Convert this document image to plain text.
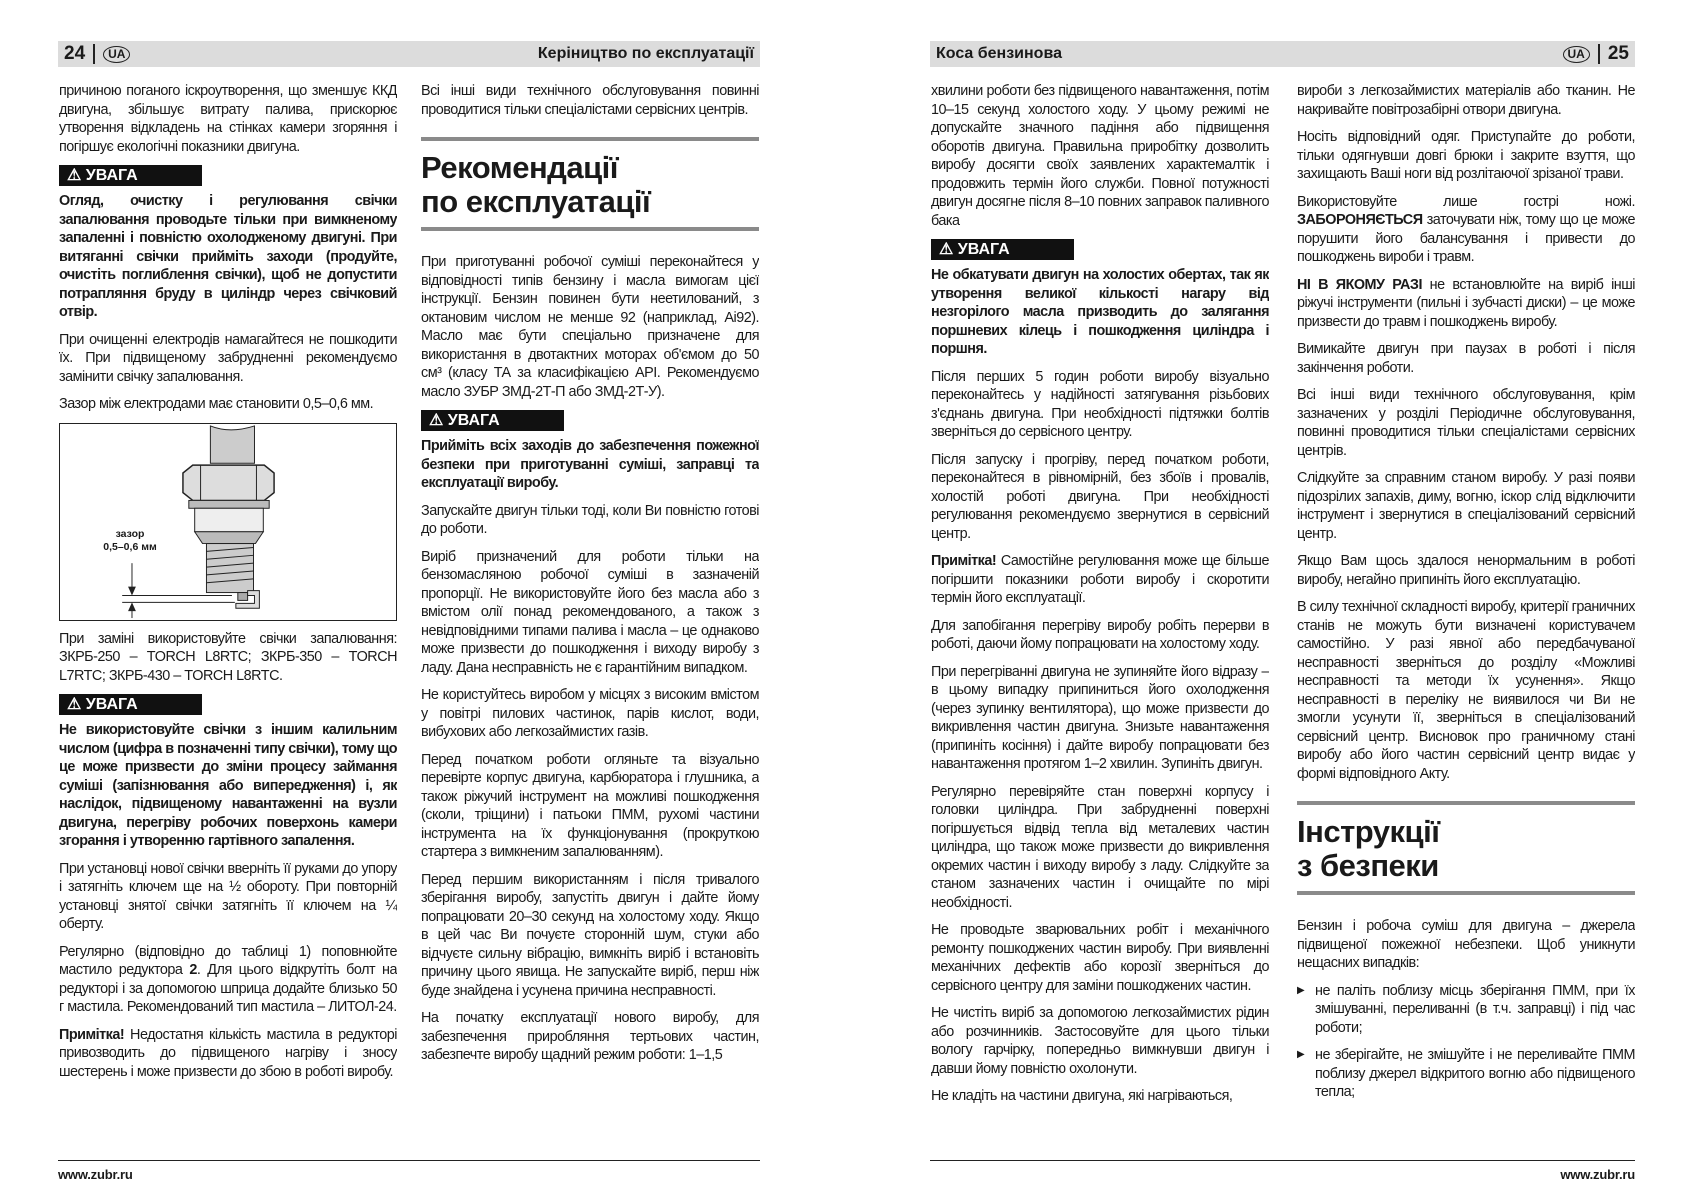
24	UA	Керіництво по експлуатації	Коса бензинова	UA 25

причиною поганого іскроутворення, що зменшує ККД двигуна, збільшує витрату палива, прискорює утворення відкладень на стінках камери згоряння і погіршує екологічні показники двигуна.

⚠ УВАГА

Огляд, очистку і регулювання свічки запалювання проводьте тільки при вимкненому запаленні і повністю охолодженому двигуні. При витяганні свічки прийміть заходи (продуйте, очистіть поглиблення свічки), щоб не допустити потрапляння бруду в циліндр через свічковий отвір.

При очищенні електродів намагайтеся не пошкодити їх. При підвищеному забрудненні рекомендуємо замінити свічку запалювання.

Зазор між електродами має становити 0,5–0,6 мм.

зазор
0,5–0,6 мм

При заміні використовуйте свічки запалювання: ЗКРБ-250 – TORCH L8RTC; ЗКРБ-350 – TORCH L7RTC; ЗКРБ-430 – TORCH L8RTC.

⚠ УВАГА

Не використовуйте свічки з іншим калильним числом (цифра в позначенні типу свічки), тому що це може призвести до зміни процесу займання суміші (запізнювання або випередження) і, як наслідок, підвищеному навантаженні на вузли двигуна, перегріву робочих поверхонь камери згорання і утворенню гартівного запалення.

При установці нової свічки вверніть її руками до упору і затягніть ключем ще на ½ обороту. При повторній установці знятої свічки затягніть її ключем на ¼ оберту.

Регулярно (відповідно до таблиці 1) поповнюйте мастило редуктора 2. Для цього відкрутіть болт на редукторі і за допомогою шприца додайте близько 50 г мастила. Рекомендований тип мастила – ЛИТОЛ-24.

Примітка! Недостатня кількість мастила в редукторі привозводить до підвищеного нагріву і зносу шестерень і може призвести до збою в роботі виробу.

Всі інші види технічного обслуговування повинні проводитися тільки спеціалістами сервісних центрів.

Рекомендації
по експлуатації

При приготуванні робочої суміші переконайтеся у відповідності типів бензину і масла вимогам цієї інструкції. Бензин повинен бути неетилований, з октановим числом не менше 92 (наприклад, Аі92). Масло має бути спеціально призначене для використання в двотактних моторах об'ємом до 50 см³ (класу ТА за класифікацією API. Рекомендуємо масло ЗУБР ЗМД-2Т-П або ЗМД-2Т-У).

⚠ УВАГА

Прийміть всіх заходів до забезпечення пожежної безпеки при приготуванні суміші, заправці та експлуатації виробу.

Запускайте двигун тільки тоді, коли Ви повністю готові до роботи.

Виріб призначений для роботи тільки на бензомасляною робочої суміші в зазначеній пропорції. Не використовуйте його без масла або з вмістом олії понад рекомендованого, а також з невідповідними типами палива і масла – це однаково може призвести до пошкодження і виходу виробу з ладу. Дана несправність не є гарантійним випадком.

Не користуйтесь виробом у місцях з високим вмістом у повітрі пилових частинок, парів кислот, води, вибухових або легкозаймистих газів.

Перед початком роботи огляньте та візуально перевірте корпус двигуна, карбюратора і глушника, а також ріжучий інструмент на можливі пошкодження (сколи, тріщини) і патьоки ПММ, рухомі частини інструмента на їх функціонування (прокруткою стартера з вимкненим запалюванням).

Перед першим використанням і після тривалого зберігання виробу, запустіть двигун і дайте йому попрацювати 20–30 секунд на холостому ходу. Якщо в цей час Ви почуєте сторонній шум, стуки або відчуєте сильну вібрацію, вимкніть виріб і встановіть причину цього явища. Не запускайте виріб, перш ніж буде знайдена і усунена причина несправності.

На початку експлуатації нового виробу, для забезпечення приробляння тертьових частин, забезпечте виробу щадний режим роботи: 1–1,5

хвилини роботи без підвищеного навантаження, потім 10–15 секунд холостого ходу. У цьому режимі не допускайте значного падіння або підвищення оборотів двигуна. Правильна приробітку дозволить виробу досягти своїх заявлених характемалтік і продовжить термін його служби. Повної потужності двигун досягне після 8–10 повних заправок паливного бака

⚠ УВАГА

Не обкатувати двигун на холостих обертах, так як утворення великої кількості нагару від незгорілого масла призводить до залягання поршневих кілець і пошкодження циліндра і поршня.

Після перших 5 годин роботи виробу візуально переконайтесь у надійності затягування різьбових з'єднань двигуна. При необхідності підтяжки болтів зверніться до сервісного центру.

Після запуску і прогріву, перед початком роботи, переконайтеся в рівномірній, без збоїв і провалів, холостій роботі двигуна. При необхідності регулювання рекомендуємо звернутися в сервісний центр.

Примітка! Самостійне регулювання може ще більше погіршити показники роботи виробу і скоротити термін його експлуатації.

Для запобігання перегріву виробу робіть перерви в роботі, даючи йому попрацювати на холостому ходу.

При перегріванні двигуна не зупиняйте його відразу – в цьому випадку припиниться його охолодження (через зупинку вентилятора), що може призвести до викривлення частин двигуна. Знизьте навантаження (припиніть косіння) і дайте виробу попрацювати без навантаження протягом 1–2 хвилин. Зупиніть двигун.

Регулярно перевіряйте стан поверхні корпусу і головки циліндра. При забрудненні поверхні погіршується відвід тепла від металевих частин циліндра, що також може призвести до викривлення окремих частин і виходу виробу з ладу. Слідкуйте за станом зазначених частин і очищайте по мірі необхідності.

Не проводьте зварювальних робіт і механічного ремонту пошкоджених частин виробу. При виявленні механічних дефектів або корозії зверніться до сервісного центру для заміни пошкоджених частин.

Не чистіть виріб за допомогою легкозаймистих рідин або розчинників. Застосовуйте для цього тільки вологу гарчірку, попередньо вимкнувши двигун і давши йому повністю охолонути.

Не кладіть на частини двигуна, які нагріваються,

вироби з легкозаймистих матеріалів або тканин. Не накривайте повітрозабірні отвори двигуна.

Носіть відповідний одяг. Приступайте до роботи, тільки одягнувши довгі брюки і закрите взуття, що захищають Ваші ноги від розлітаючої зрізаної трави.

Використовуйте лише гострі ножі. ЗАБОРОНЯЄТЬСЯ заточувати ніж, тому що це може порушити його балансування і привести до пошкоджень вироби і травм.

НІ В ЯКОМУ РАЗІ не встановлюйте на виріб інші ріжучі інструменти (пильні і зубчасті диски) – це може призвести до травм і пошкоджень виробу.

Вимикайте двигун при паузах в роботі і після закінчення роботи.

Всі інші види технічного обслуговування, крім зазначених у розділі Періодичне обслуговування, повинні проводитися тільки спеціалістами сервісних центрів.

Слідкуйте за справним станом виробу. У разі появи підозрілих запахів, диму, вогню, іскор слід відключити інструмент і звернутися в спеціалізований сервісний центр.

Якщо Вам щось здалося ненормальним в роботі виробу, негайно припиніть його експлуатацію.

В силу технічної складності виробу, критерії граничних станів не можуть бути визначені користувачем самостійно. У разі явної або передбачуваної несправності зверніться до розділу «Можливі несправності та методи їх усунення». Якщо несправності в переліку не виявилося чи Ви не змогли усунути її, зверніться в спеціалізований сервісний центр. Висновок про граничному стані виробу або його частин сервісний центр видає у формі відповідного Акту.

Інструкції
з безпеки

Бензин і робоча суміш для двигуна – джерела підвищеної пожежної небезпеки. Щоб уникнути нещасних випадків:

▶ не паліть поблизу місць зберігання ПММ, при їх змішуванні, переливанні (в т.ч. заправці) і під час роботи;
▶ не зберігайте, не змішуйте і не переливайте ПММ поблизу джерел відкритого вогню або підвищеного тепла;
www.zubr.ru	www.zubr.ru
